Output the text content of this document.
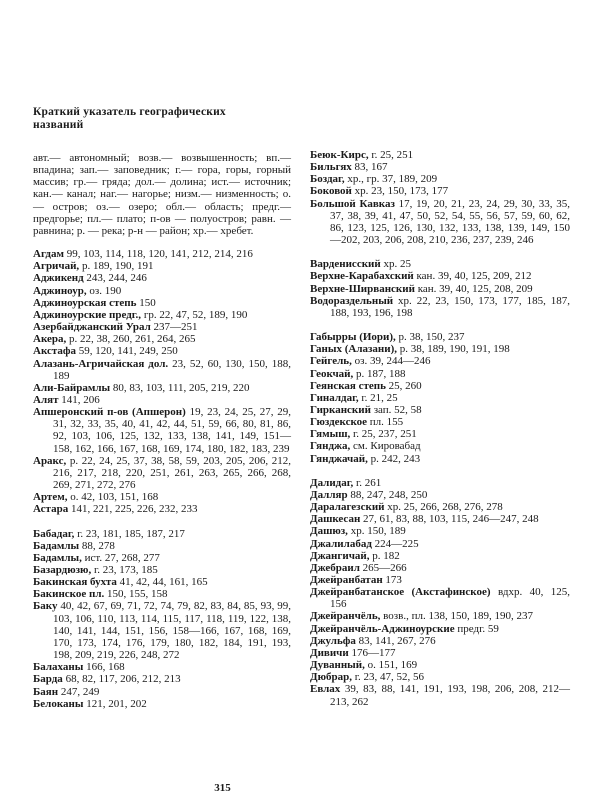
Краткий указатель географических названий
авт.— автономный; возв.— возвышенность; вп.— впадина; зап.— заповедник; г.— гора, горы, горный массив; гр.— гряда; дол.— долина; ист.— источник; кан.— канал; наг.— нагорье; низм.— низменность; о.— остров; оз.— озеро; обл.— область; предг.— предгорье; пл.— плато; п-ов — полуостров; равн. — равнина; р. — река; р-н — район; хр.— хребет.
Агдам 99, 103, 114, 118, 120, 141, 212, 214, 216
Агричай, р. 189, 190, 191
Аджикенд 243, 244, 246
Аджиноур, оз. 190
Аджиноурская степь 150
Аджиноурские предг., гр. 22, 47, 52, 189, 190
Азербайджанский Урал 237—251
Акера, р. 22, 38, 260, 261, 264, 265
Акстафа 59, 120, 141, 249, 250
Алазань-Агричайская дол. 23, 52, 60, 130, 150, 188, 189
Али-Байрамлы 80, 83, 103, 111, 205, 219, 220
Алят 141, 206
Апшеронский п-ов (Апшерон) 19, 23, 24, 25, 27, 29, 31, 32, 33, 35, 40, 41, 42, 44, 51, 59, 66, 80, 81, 86, 92, 103, 106, 125, 132, 133, 138, 141, 149, 151—158, 162, 166, 167, 168, 169, 174, 180, 182, 183, 239
Аракс, р. 22, 24, 25, 37, 38, 58, 59, 203, 205, 206, 212, 216, 217, 218, 220, 251, 261, 263, 265, 266, 268, 269, 271, 272, 276
Артем, о. 42, 103, 151, 168
Астара 141, 221, 225, 226, 232, 233
Бабадаг, г. 23, 181, 185, 187, 217
Бадамлы 88, 278
Бадамлы, ист. 27, 268, 277
Базардюзю, г. 23, 173, 185
Бакинская бухта 41, 42, 44, 161, 165
Бакинское пл. 150, 155, 158
Баку 40, 42, 67, 69, 71, 72, 74, 79, 82, 83, 84, 85, 93, 99, 103, 106, 110, 113, 114, 115, 117, 118, 119, 122, 138, 140, 141, 144, 151, 156, 158—166, 167, 168, 169, 170, 173, 174, 176, 179, 180, 182, 184, 191, 193, 198, 209, 219, 226, 248, 272
Балаханы 166, 168
Барда 68, 82, 117, 206, 212, 213
Баян 247, 249
Белоканы 121, 201, 202
Беюк-Кирс, г. 25, 251
Бильгях 83, 167
Боздаг, хр., гр. 37, 189, 209
Боковой хр. 23, 150, 173, 177
Большой Кавказ 17, 19, 20, 21, 23, 24, 29, 30, 33, 35, 37, 38, 39, 41, 47, 50, 52, 54, 55, 56, 57, 59, 60, 62, 86, 123, 125, 126, 130, 132, 133, 138, 139, 149, 150—202, 203, 206, 208, 210, 236, 237, 239, 246
Варденисский хр. 25
Верхне-Карабахский кан. 39, 40, 125, 209, 212
Верхне-Ширванский кан. 39, 40, 125, 208, 209
Водораздельный хр. 22, 23, 150, 173, 177, 185, 187, 188, 193, 196, 198
Габырры (Иори), р. 38, 150, 237
Ганых (Алазани), р. 38, 189, 190, 191, 198
Гейгель, оз. 39, 244—246
Геокчай, р. 187, 188
Геянская степь 25, 260
Гиналдаг, г. 21, 25
Гирканский зап. 52, 58
Гюздекское пл. 155
Гямыш, г. 25, 237, 251
Гянджа, см. Кировабад
Гянджачай, р. 242, 243
Далидаг, г. 261
Далляр 88, 247, 248, 250
Даралагезский хр. 25, 266, 268, 276, 278
Дашкесан 27, 61, 83, 88, 103, 115, 246—247, 248
Дашюз, хр. 150, 189
Джалилабад 224—225
Джангичай, р. 182
Джебраил 265—266
Джейранбатан 173
Джейранбатанское (Акстафинское) вдхр. 40, 125, 156
Джейранчёль, возв., пл. 138, 150, 189, 190, 237
Джейранчёль-Аджиноурские предг. 59
Джульфа 83, 141, 267, 276
Дивичи 176—177
Дуванный, о. 151, 169
Дюбрар, г. 23, 47, 52, 56
Евлах 39, 83, 88, 141, 191, 193, 198, 206, 208, 212—213, 262
315
